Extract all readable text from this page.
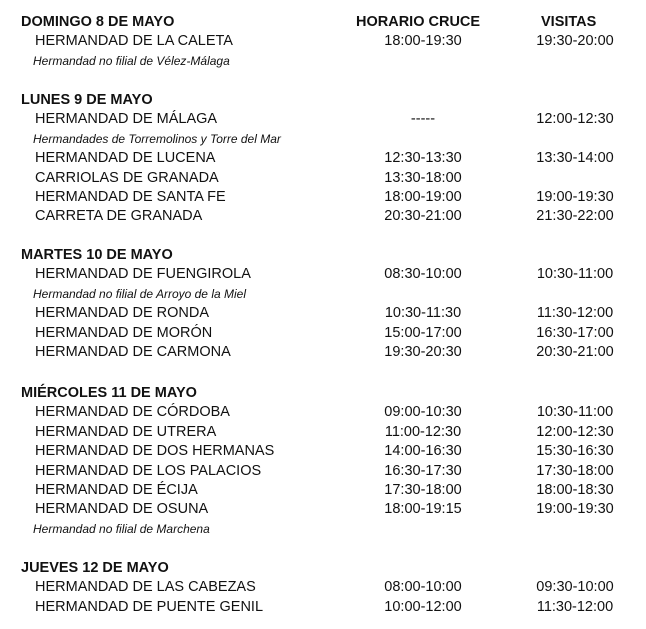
HORARIO CRUCE	VISITAS
DOMINGO 8 DE MAYO
HERMANDAD DE LA CALETA	18:00-19:30	19:30-20:00
Hermandad no filial de Vélez-Málaga
LUNES 9 DE MAYO
HERMANDAD DE MÁLAGA	-----	12:00-12:30
Hermandades de Torremolinos y Torre del Mar
HERMANDAD DE LUCENA	12:30-13:30	13:30-14:00
CARRIOLAS DE GRANADA	13:30-18:00
HERMANDAD DE SANTA FE	18:00-19:00	19:00-19:30
CARRETA DE GRANADA	20:30-21:00	21:30-22:00
MARTES 10 DE MAYO
HERMANDAD DE FUENGIROLA	08:30-10:00	10:30-11:00
Hermandad no filial de Arroyo de la Miel
HERMANDAD DE RONDA	10:30-11:30	11:30-12:00
HERMANDAD DE MORÓN	15:00-17:00	16:30-17:00
HERMANDAD DE CARMONA	19:30-20:30	20:30-21:00
MIÉRCOLES 11 DE MAYO
HERMANDAD DE CÓRDOBA	09:00-10:30	10:30-11:00
HERMANDAD DE UTRERA	11:00-12:30	12:00-12:30
HERMANDAD DE DOS HERMANAS	14:00-16:30	15:30-16:30
HERMANDAD DE LOS PALACIOS	16:30-17:30	17:30-18:00
HERMANDAD DE ÉCIJA	17:30-18:00	18:00-18:30
HERMANDAD DE OSUNA	18:00-19:15	19:00-19:30
Hermandad no filial de Marchena
JUEVES 12 DE MAYO
HERMANDAD DE LAS CABEZAS	08:00-10:00	09:30-10:00
HERMANDAD DE PUENTE GENIL	10:00-12:00	11:30-12:00
